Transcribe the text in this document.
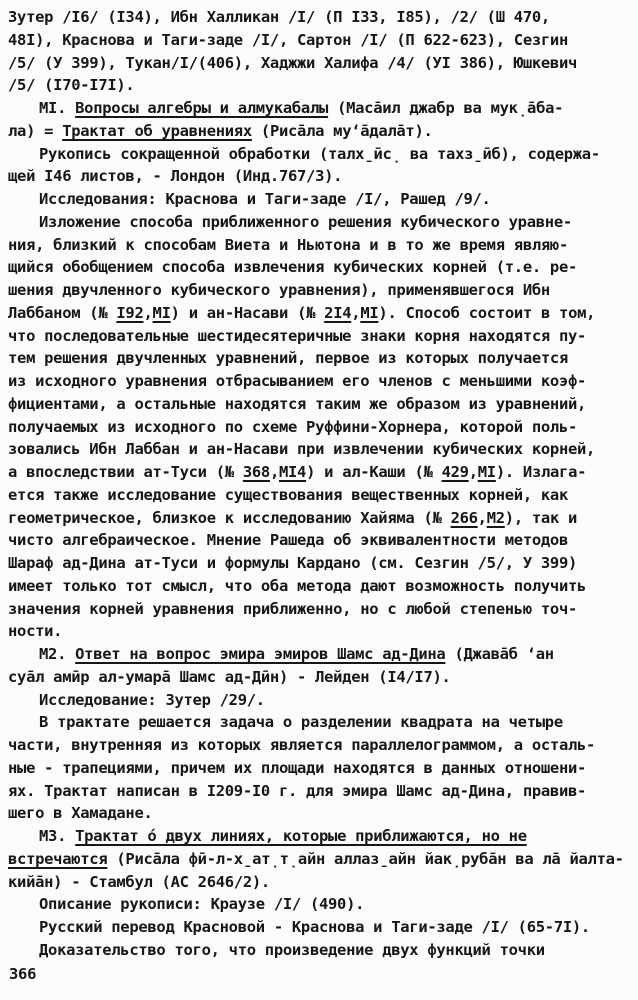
Зутер /I6/ (I34), Ибн Халликан /I/ (П I33, I85), /2/ (Ш 470,
48I), Краснова и Таги-заде /I/, Сартон /I/ (П 622-623), Сезгин
/5/ (У 399), Тукан/I/(406), Хаджжи Халифа /4/ (УI 386), Юшкевич
/5/ (I70-I7I).
МI. Вопросы алгебры и алмукабалы (Маса̄ил джабр ва мук̣а̄ба-
ла) = Трактат об уравнениях (Риса̄ла му‘а̄дала̄т).
Рукопись сокращенной обработки (талх̱ӣс̣ ва тахз̱ӣб), содержа-
щей I46 листов, - Лондон (Инд.767/3).
Исследования: Краснова и Таги-заде /I/, Рашед /9/.
Изложение способа приближенного решения кубического уравне-
ния, близкий к способам Виета и Ньютона и в то же время являю-
щийся обобщением способа извлечения кубических корней (т.е. ре-
шения двучленного кубического уравнения), применявшегося Ибн
Лаббаном (№ I92,МI) и ан-Насави (№ 2I4,МI). Способ состоит в том,
что последовательные шестидесятеричные знаки корня находятся пу-
тем решения двучленных уравнений, первое из которых получается
из исходного уравнения отбрасыванием его членов с меньшими коэф-
фициентами, а остальные находятся таким же образом из уравнений,
получаемых из исходного по схеме Руффини-Хорнера, которой поль-
зовались Ибн Лаббан и ан-Насави при извлечении кубических корней,
а впоследствии ат-Туси (№ 368,МI4) и ал-Каши (№ 429,МI). Излага-
ется также исследование существования вещественных корней, как
геометрическое, близкое к исследованию Хайяма (№ 266,М2), так и
чисто алгебраическое. Мнение Рашеда об эквивалентности методов
Шараф ад-Дина ат-Туси и формулы Кардано (см. Сезгин /5/, У 399)
имеет только тот смысл, что оба метода дают возможность получить
значения корней уравнения приближенно, но с любой степенью точ-
ности.
М2. Ответ на вопрос эмира эмиров Шамс ад-Дина (Джава̄б ‘ан
суа̄л амӣр ал-умара̄ Шамс ад-Дӣн) - Лейден (I4/I7).
Исследование: Зутер /29/.
В трактате решается задача о разделении квадрата на четыре
части, внутренняя из которых является параллелограммом, а осталь-
ные - трапециями, причем их площади находятся в данных отношени-
ях. Трактат написан в I209-I0 г. для эмира Шамс ад-Дина, правив-
шего в Хамадане.
М3. Трактат о́ двух линиях, которые приближаются, но не
встречаются (Риса̄ла фӣ-л-х̱ат̣т̣айн аллаз̱айн йак̣руба̄н ва ла̄ йалта-
кийа̄н) - Стамбул (АС 2646/2).
Описание рукописи: Краузе /I/ (490).
Русский перевод Красновой - Краснова и Таги-заде /I/ (65-7I).
Доказательство того, что произведение двух функций точки
366
